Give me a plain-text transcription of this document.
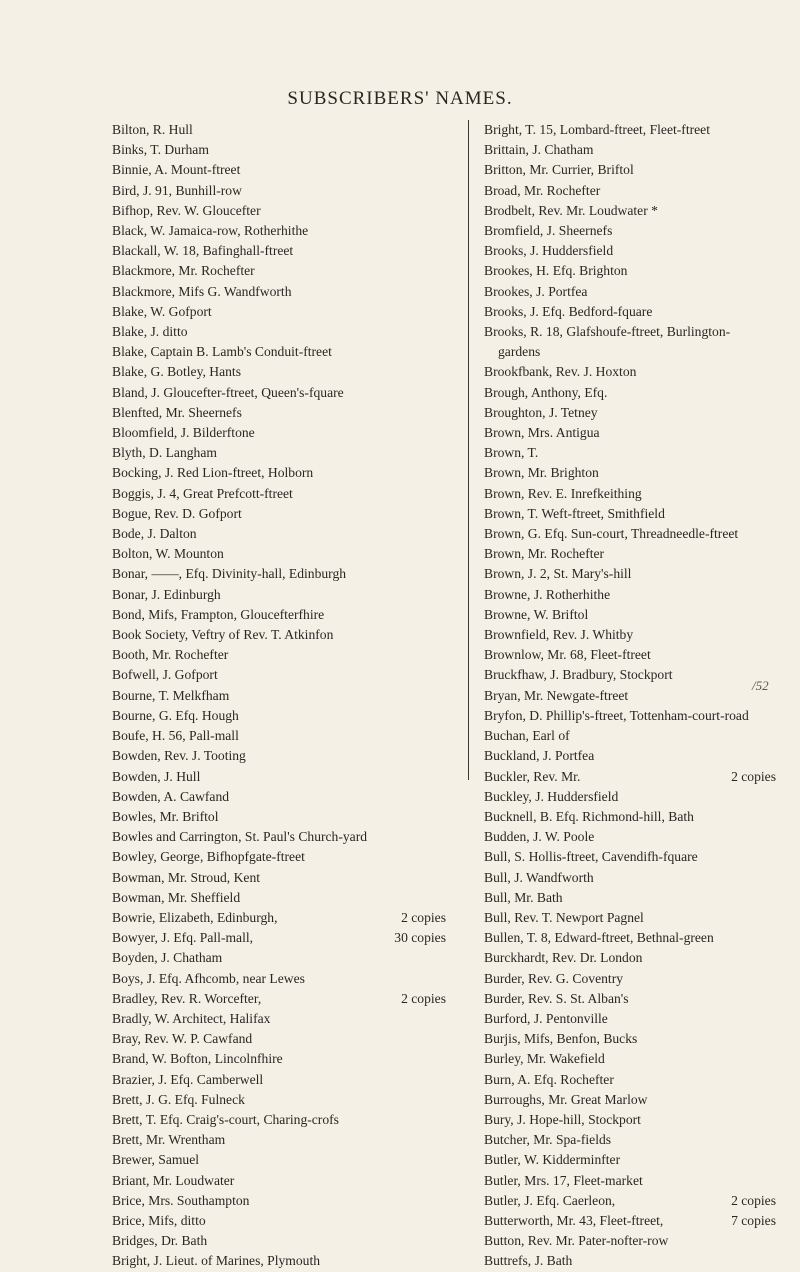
SUBSCRIBERS' NAMES.
Bilton, R. Hull
Binks, T. Durham
Binnie, A. Mount-ftreet
Bird, J. 91, Bunhill-row
Bifhop, Rev. W. Gloucefter
Black, W. Jamaica-row, Rotherhithe
Blackall, W. 18, Bafinghall-ftreet
Blackmore, Mr. Rochefter
Blackmore, Mifs G. Wandfworth
Blake, W. Gofport
Blake, J. ditto
Blake, Captain B. Lamb's Conduit-ftreet
Blake, G. Botley, Hants
Bland, J. Gloucefter-ftreet, Queen's-fquare
Blenfted, Mr. Sheernefs
Bloomfield, J. Bilderftone
Blyth, D. Langham
Bocking, J. Red Lion-ftreet, Holborn
Boggis, J. 4, Great Prefcott-ftreet
Bogue, Rev. D. Gofport
Bode, J. Dalton
Bolton, W. Mounton
Bonar, ——, Efq. Divinity-hall, Edinburgh
Bonar, J. Edinburgh
Bond, Mifs, Frampton, Gloucefterfhire
Book Society, Veftry of Rev. T. Atkinfon
Booth, Mr. Rochefter
Bofwell, J. Gofport
Bourne, T. Melkfham
Bourne, G. Efq. Hough
Boufe, H. 56, Pall-mall
Bowden, Rev. J. Tooting
Bowden, J. Hull
Bowden, A. Cawfand
Bowles, Mr. Briftol
Bowles and Carrington, St. Paul's Church-yard
Bowley, George, Bifhopfgate-ftreet
Bowman, Mr. Stroud, Kent
Bowman, Mr. Sheffield
Bowrie, Elizabeth, Edinburgh,	2 copies
Bowyer, J. Efq. Pall-mall,	30 copies
Boyden, J. Chatham
Boys, J. Efq. Afhcomb, near Lewes
Bradley, Rev. R. Worcefter,	2 copies
Bradly, W. Architect, Halifax
Bray, Rev. W. P. Cawfand
Brand, W. Bofton, Lincolnfhire
Brazier, J. Efq. Camberwell
Brett, J. G. Efq. Fulneck
Brett, T. Efq. Craig's-court, Charing-crofs
Brett, Mr. Wrentham
Brewer, Samuel
Briant, Mr. Loudwater
Brice, Mrs. Southampton
Brice, Mifs, ditto
Bridges, Dr. Bath
Bright, J. Lieut. of Marines, Plymouth
Bright, T. 15, Lombard-ftreet, Fleet-ftreet
Brittain, J. Chatham
Britton, Mr. Currier, Briftol
Broad, Mr. Rochefter
Brodbelt, Rev. Mr. Loudwater *
Bromfield, J. Sheernefs
Brooks, J. Huddersfield
Brookes, H. Efq. Brighton
Brookes, J. Portfea
Brooks, J. Efq. Bedford-fquare
Brooks, R. 18, Glafshoufe-ftreet, Burlington-
gardens
Brookfbank, Rev. J. Hoxton
Brough, Anthony, Efq.
Broughton, J. Tetney
Brown, Mrs. Antigua
Brown, T.
Brown, Mr. Brighton
Brown, Rev. E. Inrefkeithing
Brown, T. Weft-ftreet, Smithfield
Brown, G. Efq. Sun-court, Threadneedle-ftreet
Brown, Mr. Rochefter
Brown, J. 2, St. Mary's-hill
Browne, J. Rotherhithe
Browne, W. Briftol
Brownfield, Rev. J. Whitby
Brownlow, Mr. 68, Fleet-ftreet
Bruckfhaw, J. Bradbury, Stockport
Bryan, Mr. Newgate-ftreet
Bryfon, D. Phillip's-ftreet, Tottenham-court-road
Buchan, Earl of
Buckland, J. Portfea
Buckler, Rev. Mr.	2 copies
Buckley, J. Huddersfield
Bucknell, B. Efq. Richmond-hill, Bath
Budden, J. W. Poole
Bull, S. Hollis-ftreet, Cavendifh-fquare
Bull, J. Wandfworth
Bull, Mr. Bath
Bull, Rev. T. Newport Pagnel
Bullen, T. 8, Edward-ftreet, Bethnal-green
Burckhardt, Rev. Dr. London
Burder, Rev. G. Coventry
Burder, Rev. S. St. Alban's
Burford, J. Pentonville
Burjis, Mifs, Benfon, Bucks
Burley, Mr. Wakefield
Burn, A. Efq. Rochefter
Burroughs, Mr. Great Marlow
Bury, J. Hope-hill, Stockport
Butcher, Mr. Spa-fields
Butler, W. Kidderminfter
Butler, Mrs. 17, Fleet-market
Butler, J. Efq. Caerleon,	2 copies
Butterworth, Mr. 43, Fleet-ftreet,	7 copies
Button, Rev. Mr. Pater-nofter-row
Buttrefs, J. Bath
/52
